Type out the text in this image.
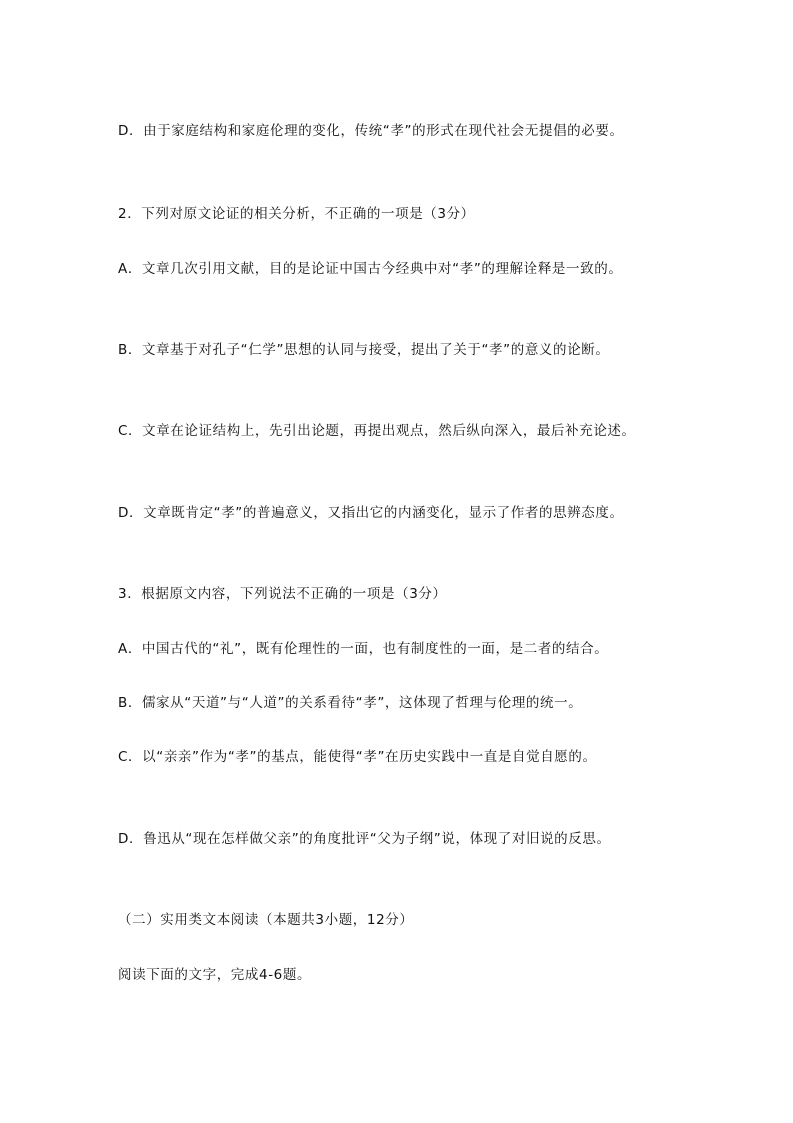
D．由于家庭结构和家庭伦理的变化，传统“孝”的形式在现代社会无提倡的必要。

2．下列对原文论证的相关分析，不正确的一项是（3分）

A．文章几次引用文献，目的是论证中国古今经典中对“孝”的理解诠释是一致的。

B．文章基于对孔子“仁学”思想的认同与接受，提出了关于“孝”的意义的论断。

C．文章在论证结构上，先引出论题，再提出观点，然后纵向深入，最后补充论述。

D．文章既肯定“孝”的普遍意义，又指出它的内涵变化，显示了作者的思辨态度。

3．根据原文内容，下列说法不正确的一项是（3分）

A．中国古代的“礼”，既有伦理性的一面，也有制度性的一面，是二者的结合。

B．儒家从“天道”与“人道”的关系看待“孝”，这体现了哲理与伦理的统一。

C．以“亲亲”作为“孝”的基点，能使得“孝”在历史实践中一直是自觉自愿的。

D．鲁迅从“现在怎样做父亲”的角度批评“父为子纲”说，体现了对旧说的反思。

（二）实用类文本阅读（本题共3小题，12分）

阅读下面的文字，完成4-6题。
